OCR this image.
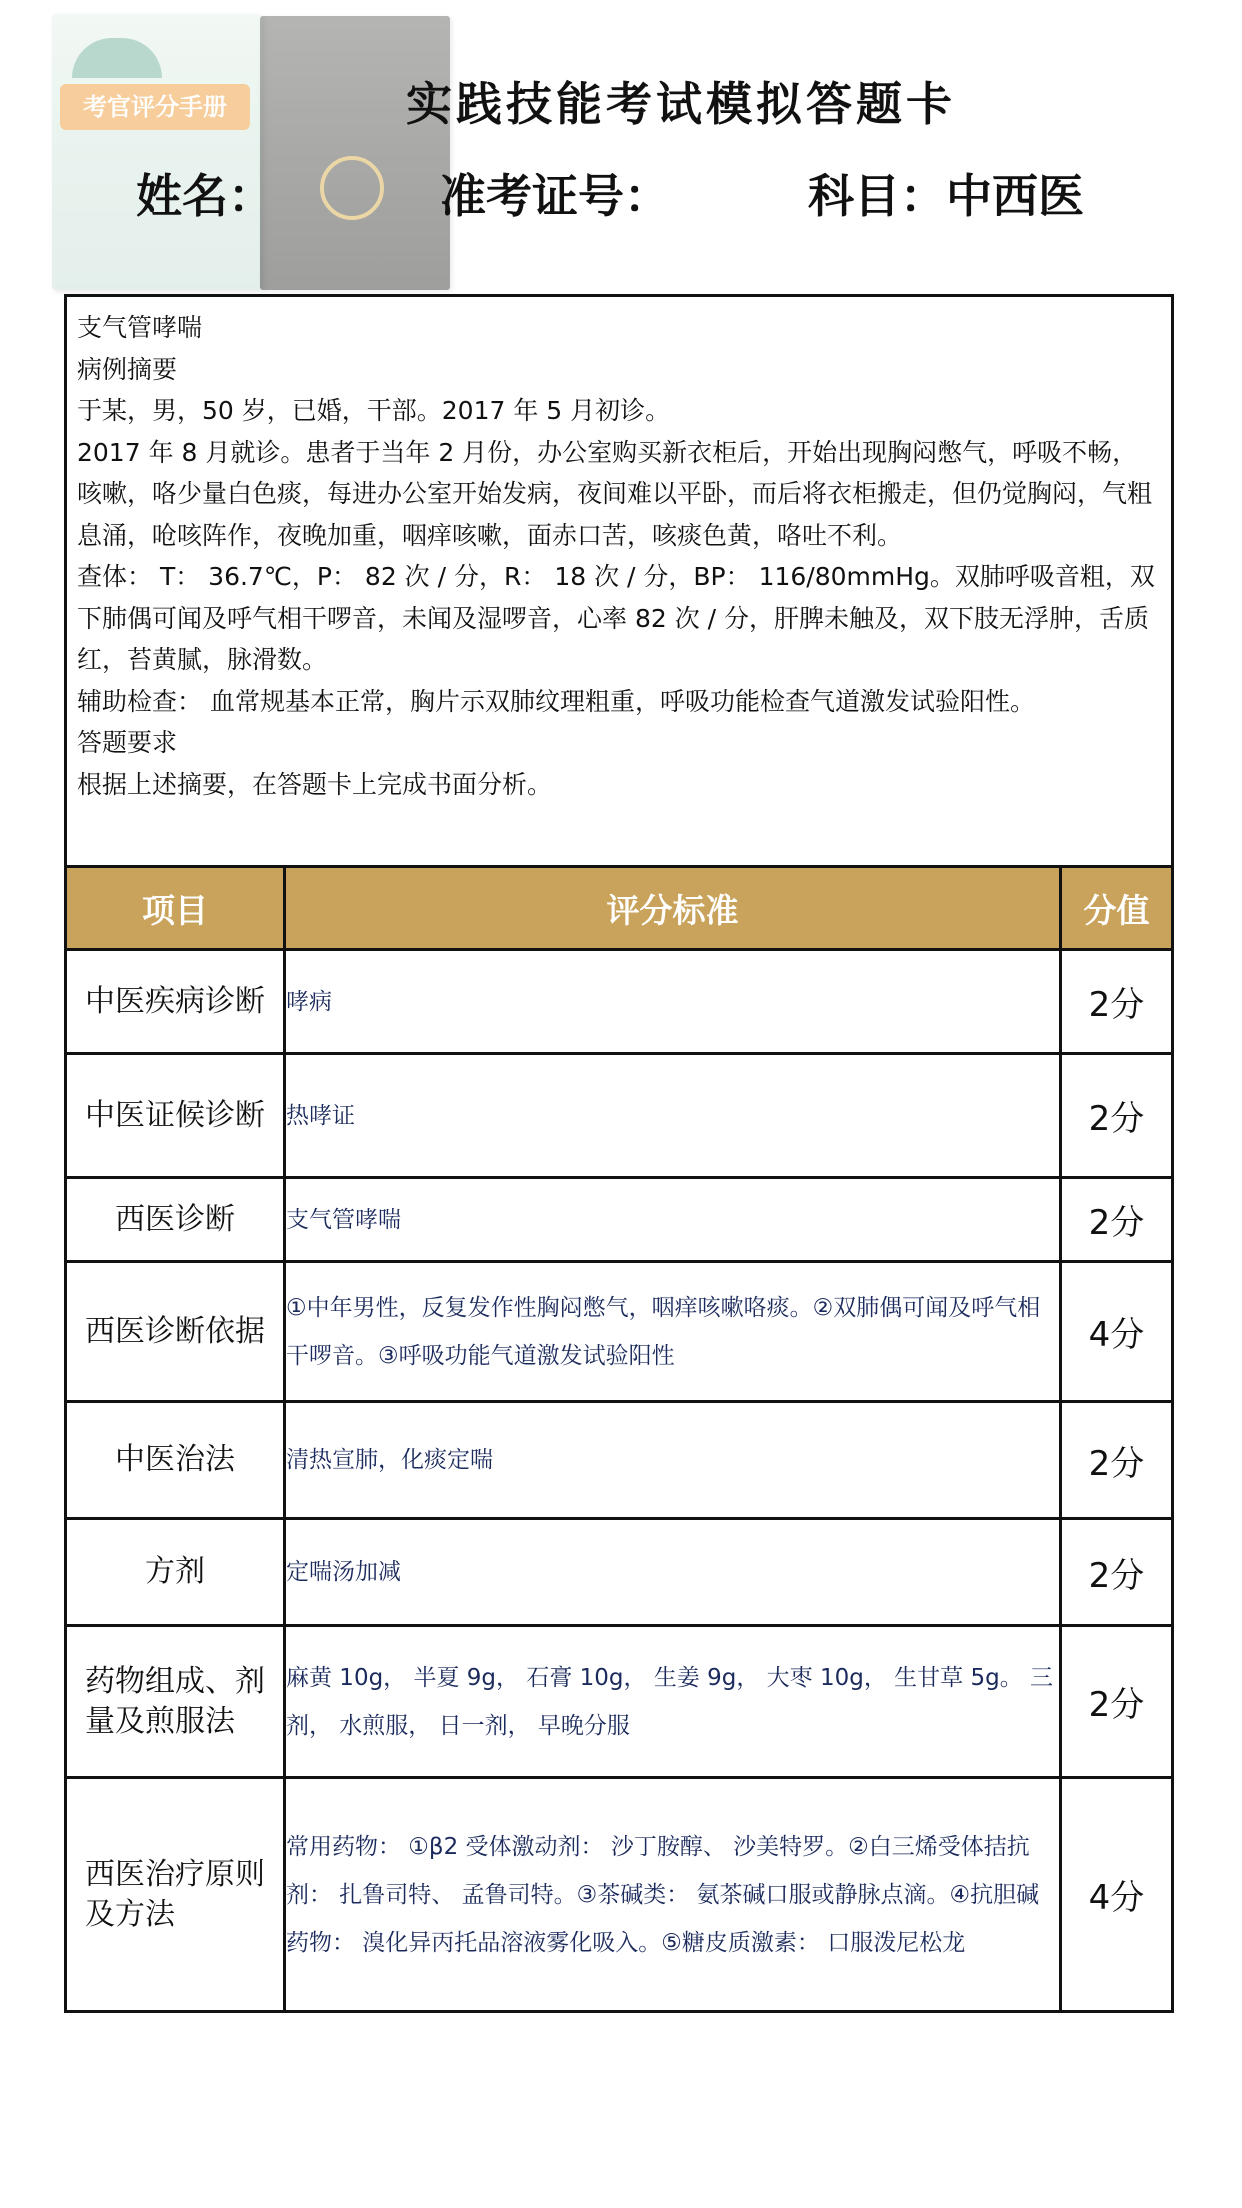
考官评分手册	实践技能考试模拟答题卡
姓名：	准考证号：	科目：中西医

支气管哮喘

病例摘要

于某，男，50 岁，已婚，干部。2017 年 5 月初诊。

2017 年 8 月就诊。患者于当年 2 月份，办公室购买新衣柜后，开始出现胸闷憋气，呼吸不畅，咳嗽，咯少量白色痰，每进办公室开始发病，夜间难以平卧，而后将衣柜搬走，但仍觉胸闷，气粗息涌，呛咳阵作，夜晚加重，咽痒咳嗽，面赤口苦，咳痰色黄，咯吐不利。

查体： T： 36.7℃，P： 82 次 / 分，R： 18 次 / 分，BP： 116/80mmHg。双肺呼吸音粗，双下肺偶可闻及呼气相干啰音，未闻及湿啰音，心率 82 次 / 分，肝脾未触及，双下肢无浮肿，舌质红，苔黄腻，脉滑数。

辅助检查： 血常规基本正常，胸片示双肺纹理粗重，呼吸功能检查气道激发试验阳性。

答题要求

根据上述摘要，在答题卡上完成书面分析。

项目	评分标准	分值
中医疾病诊断	哮病	2分
中医证候诊断	热哮证	2分
西医诊断	支气管哮喘	2分
西医诊断依据	①中年男性，反复发作性胸闷憋气，咽痒咳嗽咯痰。②双肺偶可闻及呼气相干啰音。③呼吸功能气道激发试验阳性	4分
中医治法	清热宣肺，化痰定喘	2分
方剂	定喘汤加减	2分
药物组成、剂量及煎服法	麻黄 10g， 半夏 9g， 石膏 10g， 生姜 9g， 大枣 10g， 生甘草 5g。 三剂， 水煎服， 日一剂， 早晚分服	2分
西医治疗原则及方法	常用药物： ①β2 受体激动剂： 沙丁胺醇、 沙美特罗。②白三烯受体拮抗剂： 扎鲁司特、 孟鲁司特。③茶碱类： 氨茶碱口服或静脉点滴。④抗胆碱药物： 溴化异丙托品溶液雾化吸入。⑤糖皮质激素： 口服泼尼松龙	4分
